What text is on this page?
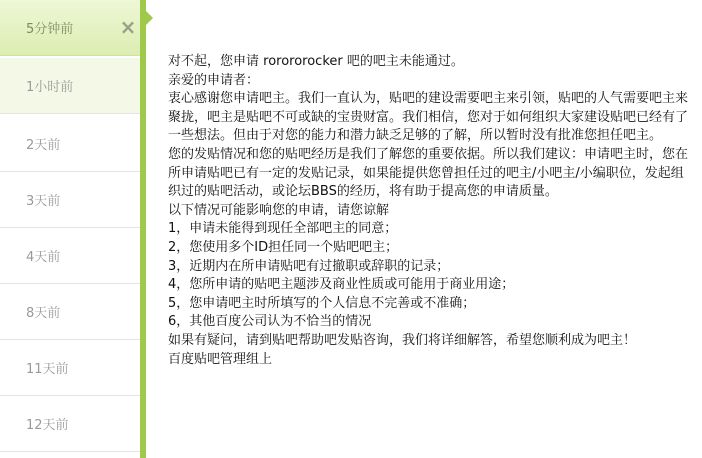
5分钟前 ×
1小时前
2天前
3天前
4天前
8天前
11天前
12天前

对不起，您申请 rorororocker 吧的吧主未能通过。

亲爱的申请者：

衷心感谢您申请吧主。我们一直认为，贴吧的建设需要吧主来引领，贴吧的人气需要吧主来聚拢，吧主是贴吧不可或缺的宝贵财富。我们相信，您对于如何组织大家建设贴吧已经有了一些想法。但由于对您的能力和潜力缺乏足够的了解，所以暂时没有批准您担任吧主。

您的发贴情况和您的贴吧经历是我们了解您的重要依据。所以我们建议：申请吧主时，您在所申请贴吧已有一定的发贴记录，如果能提供您曾担任过的吧主/小吧主/小编职位，发起组织过的贴吧活动，或论坛BBS的经历，将有助于提高您的申请质量。

以下情况可能影响您的申请，请您谅解

1，申请未能得到现任全部吧主的同意；

2，您使用多个ID担任同一个贴吧吧主；

3，近期内在所申请贴吧有过撤职或辞职的记录；

4，您所申请的贴吧主题涉及商业性质或可能用于商业用途；

5，您申请吧主时所填写的个人信息不完善或不准确；

6，其他百度公司认为不恰当的情况

如果有疑问，请到贴吧帮助吧发贴咨询，我们将详细解答，希望您顺利成为吧主！

百度贴吧管理组上
